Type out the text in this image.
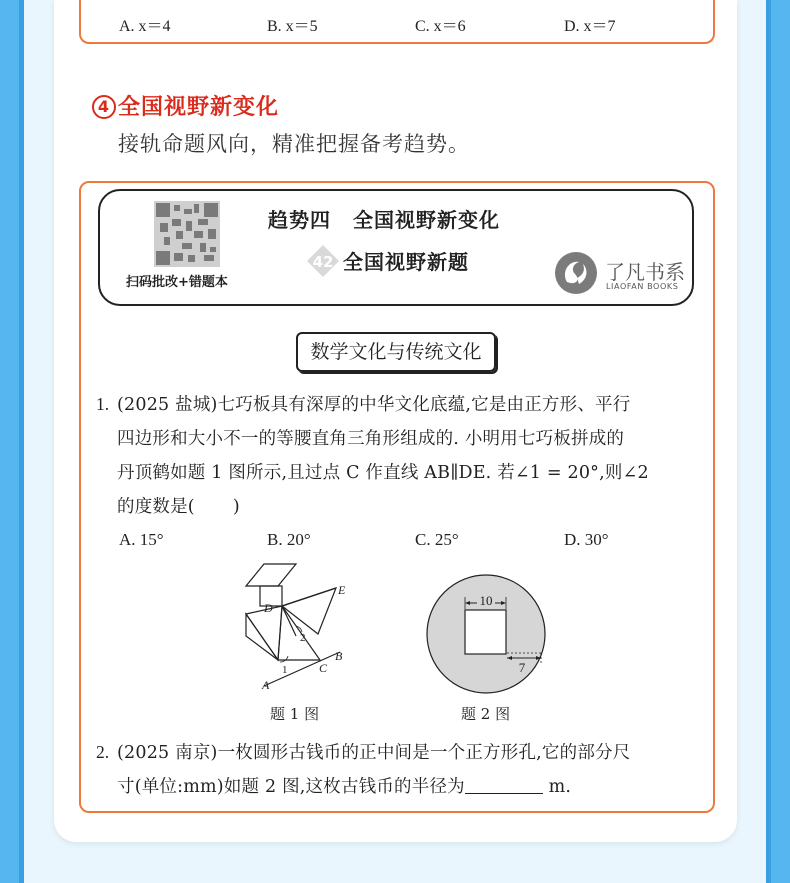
A. x＝4	B. x＝5	C. x＝6	D. x＝7
4 全国视野新变化
接轨命题风向，精准把握备考趋势。
扫码批改+错题本
趋势四 全国视野新变化
42 全国视野新题	了凡书系
LIAOFAN BOOKS
数学文化与传统文化
1. (2025 盐城)七巧板具有深厚的中华文化底蕴,它是由正方形、平行
四边形和大小不一的等腰直角三角形组成的. 小明用七巧板拼成的
丹顶鹤如题 1 图所示,且过点 C 作直线 AB∥DE. 若∠1 = 20°,则∠2
的度数是( )
A. 15°	B. 20°	C. 25°	D. 30°
D
E
B
C
A
1
2
题 1 图
10
7
题 2 图
2. (2025 南京)一枚圆形古钱币的正中间是一个正方形孔,它的部分尺
寸(单位:mm)如题 2 图,这枚古钱币的半径为	m.
